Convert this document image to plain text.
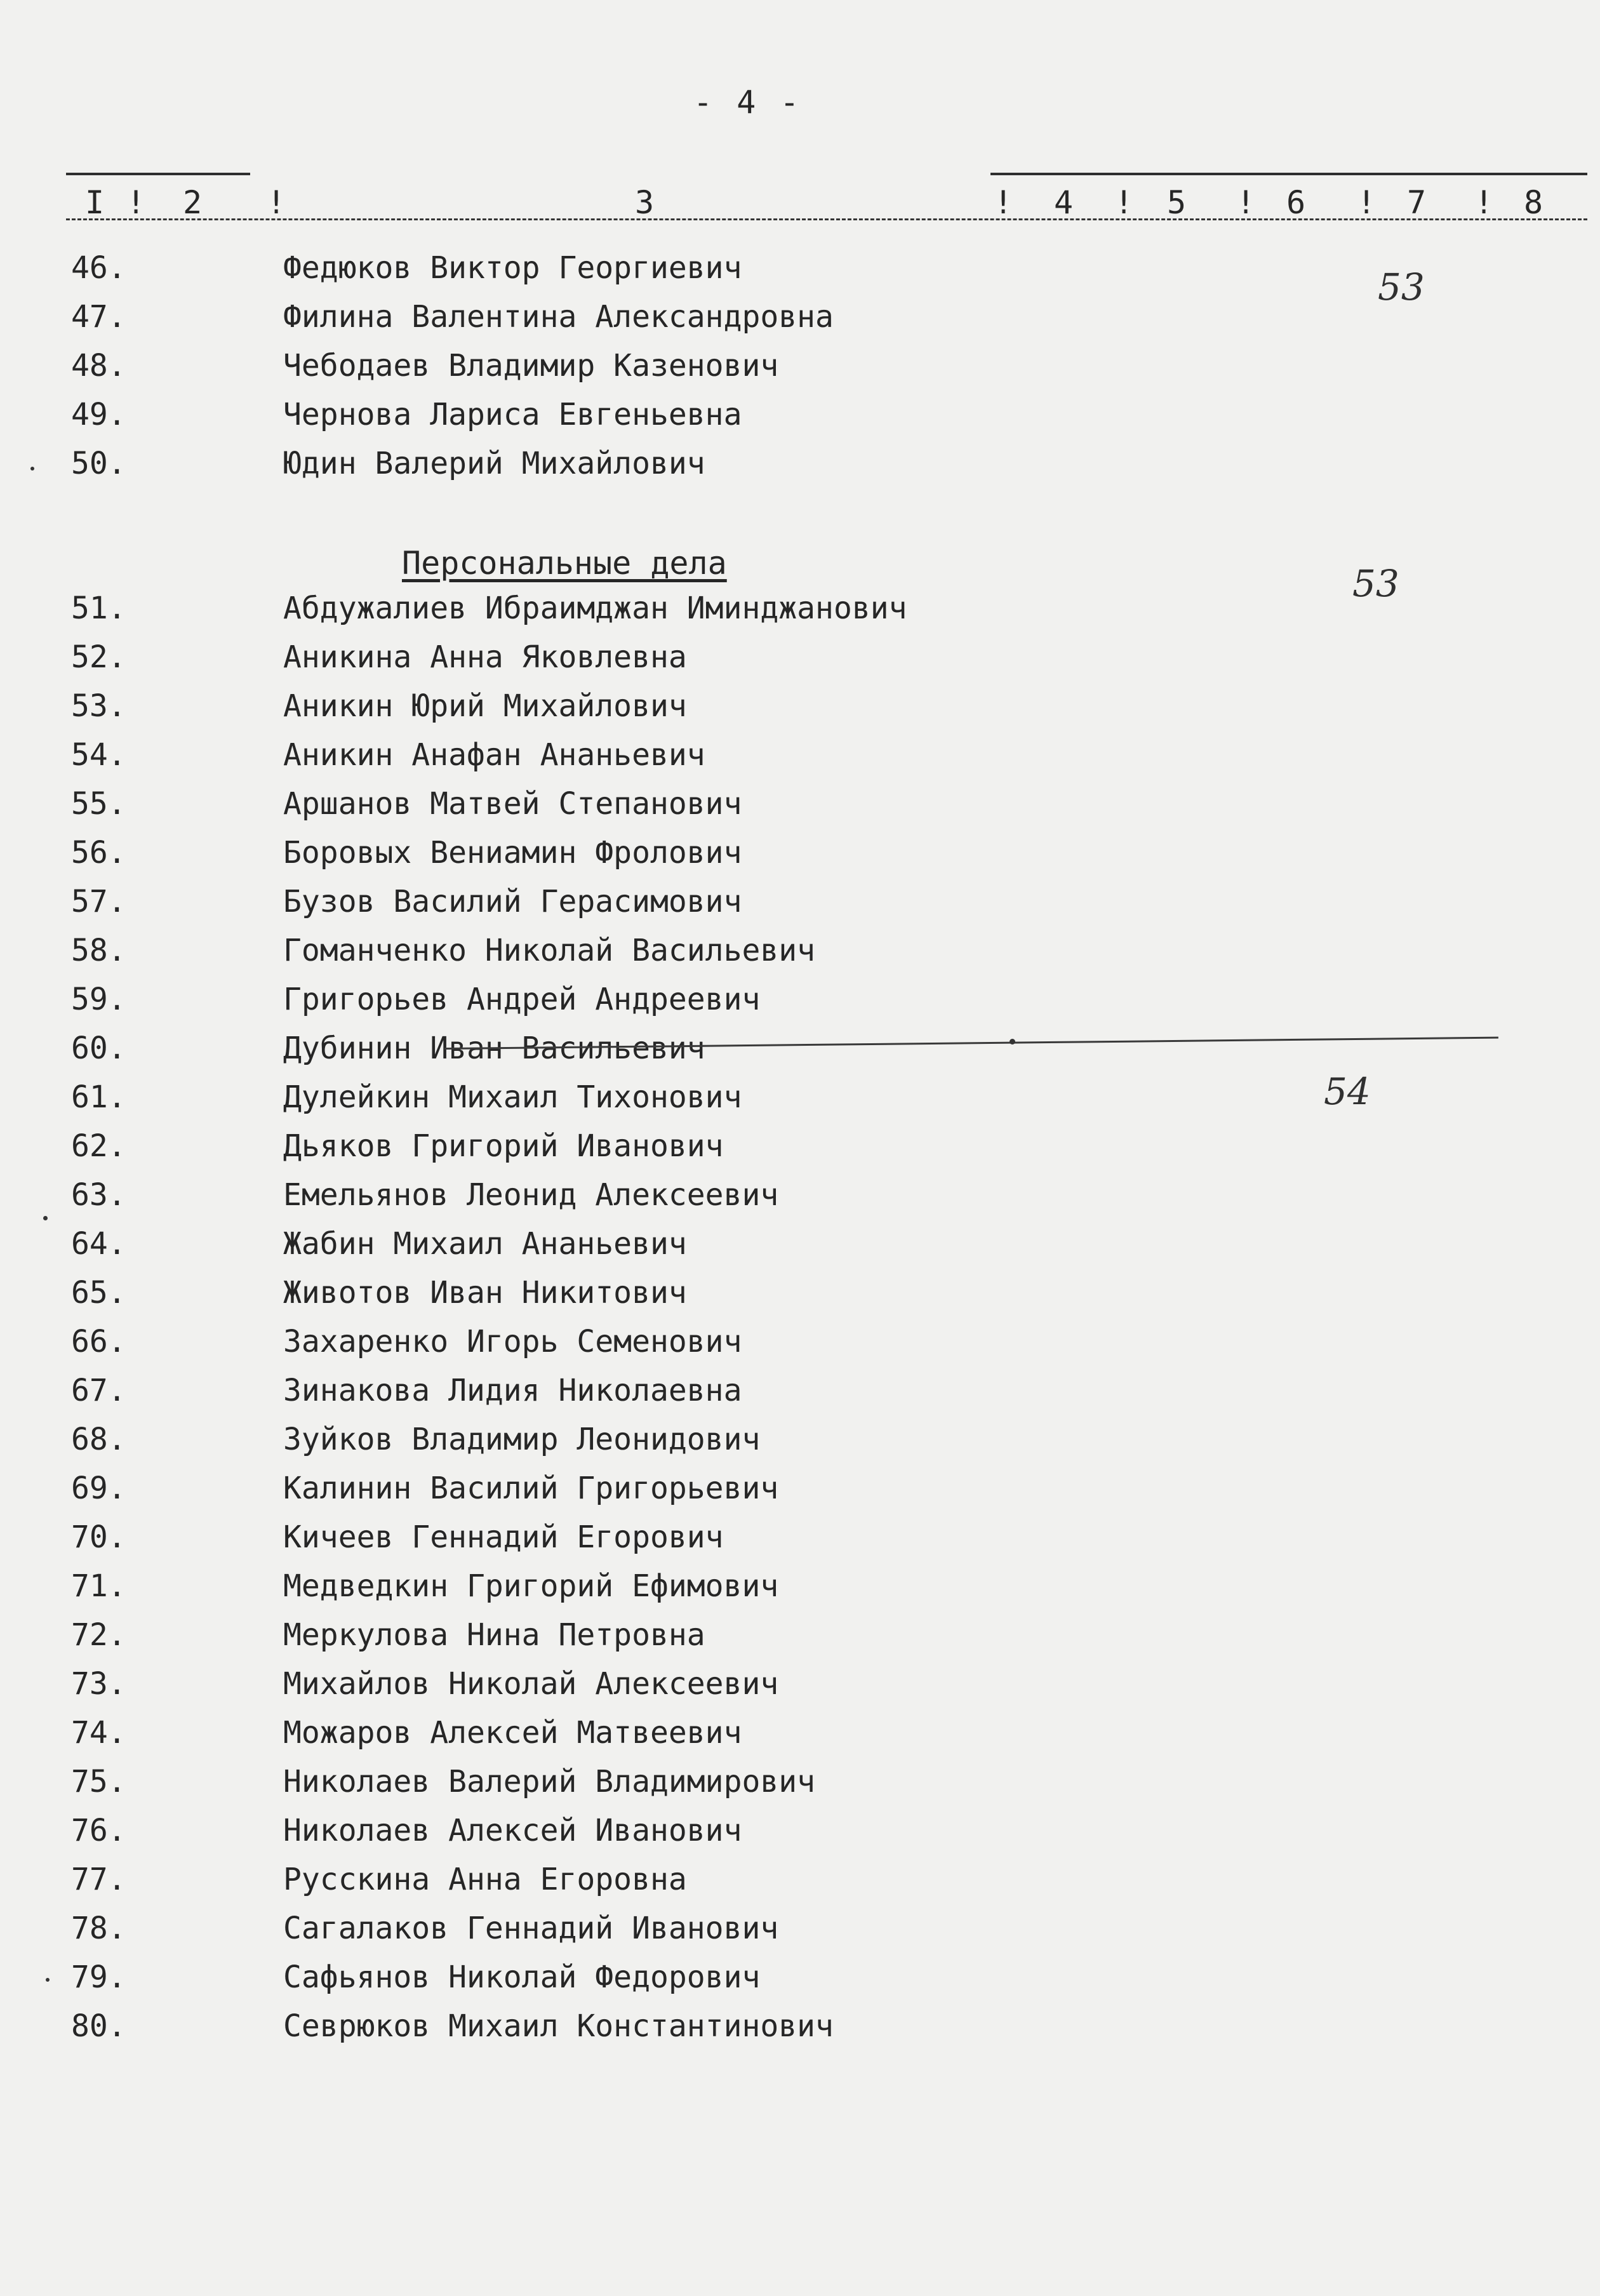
- 4 -
I ! 2 !	3	! 4 ! 5 ! 6 ! 7 ! 8
46.	Федюков Виктор Георгиевич
47.	Филина Валентина Александровна
48.	Чебодаев Владимир Казенович
49.	Чернова Лариса Евгеньевна
50.	Юдин Валерий Михайлович
51.	Абдужалиев Ибраимджан Иминджанович
52.	Аникина Анна Яковлевна
53.	Аникин Юрий Михайлович
54.	Аникин Анафан Ананьевич
55.	Аршанов Матвей Степанович
56.	Боровых Вениамин Фролович
57.	Бузов Василий Герасимович
58.	Гоманченко Николай Васильевич
59.	Григорьев Андрей Андреевич
60.	Дубинин Иван Васильевич
61.	Дулейкин Михаил Тихонович
62.	Дьяков Григорий Иванович
63.	Емельянов Леонид Алексеевич
64.	Жабин Михаил Ананьевич
65.	Животов Иван Никитович
66.	Захаренко Игорь Семенович
67.	Зинакова Лидия Николаевна
68.	Зуйков Владимир Леонидович
69.	Калинин Василий Григорьевич
70.	Кичеев Геннадий Егорович
71.	Медведкин Григорий Ефимович
72.	Меркулова Нина Петровна
73.	Михайлов Николай Алексеевич
74.	Можаров Алексей Матвеевич
75.	Николаев Валерий Владимирович
76.	Николаев Алексей Иванович
77.	Русскина Анна Егоровна
78.	Сагалаков Геннадий Иванович
79.	Сафьянов Николай Федорович
80.	Севрюков Михаил Константинович
Персональные дела
53
53
54
